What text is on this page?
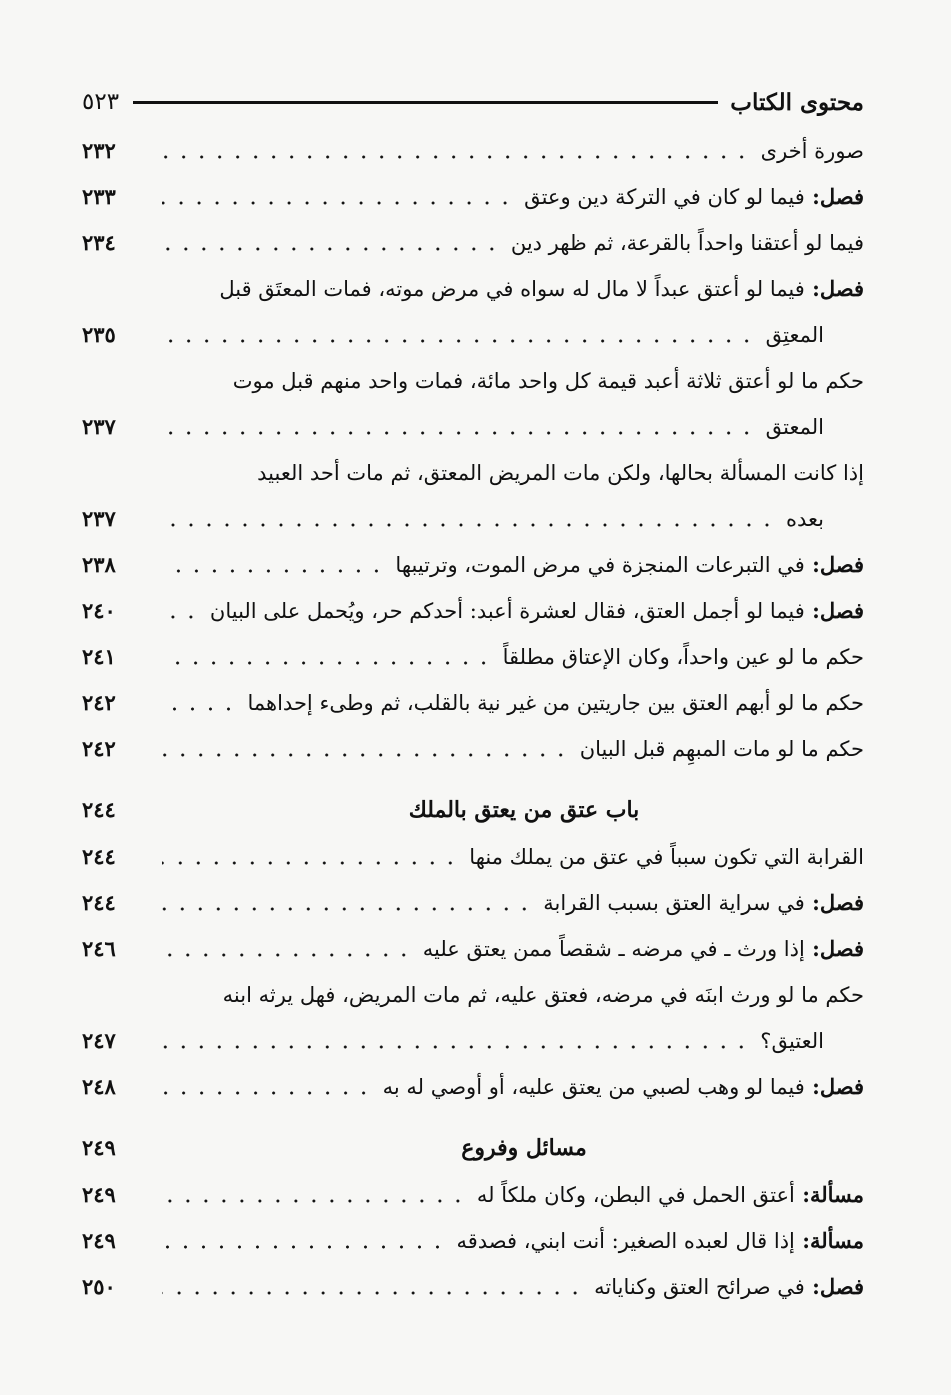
محتوى الكتاب
٥٢٣
صورة أخرى
٢٣٢
فصل: فيما لو كان في التركة دين وعتق
٢٣٣
فيما لو أعتقنا واحداً بالقرعة، ثم ظهر دين
٢٣٤
فصل: فيما لو أعتق عبداً لا مال له سواه في مرض موته، فمات المعتَق قبل
المعتِق
٢٣٥
حكم ما لو أعتق ثلاثة أعبد قيمة كل واحد مائة، فمات واحد منهم قبل موت
المعتق
٢٣٧
إذا كانت المسألة بحالها، ولكن مات المريض المعتق، ثم مات أحد العبيد
بعده
٢٣٧
فصل: في التبرعات المنجزة في مرض الموت، وترتيبها
٢٣٨
فصل: فيما لو أجمل العتق، فقال لعشرة أعبد: أحدكم حر، ويُحمل على البيان
٢٤٠
حكم ما لو عين واحداً، وكان الإعتاق مطلقاً
٢٤١
حكم ما لو أبهم العتق بين جاريتين من غير نية بالقلب، ثم وطىء إحداهما
٢٤٢
حكم ما لو مات المبهِم قبل البيان
٢٤٢
باب عتق من يعتق بالملك
٢٤٤
القرابة التي تكون سبباً في عتق من يملك منها
٢٤٤
فصل: في سراية العتق بسبب القرابة
٢٤٤
فصل: إذا ورث ـ في مرضه ـ شقصاً ممن يعتق عليه
٢٤٦
حكم ما لو ورث ابنَه في مرضه، فعتق عليه، ثم مات المريض، فهل يرثه ابنه
العتيق؟
٢٤٧
فصل: فيما لو وهب لصبي من يعتق عليه، أو أوصي له به
٢٤٨
مسائل وفروع
٢٤٩
مسألة: أعتق الحمل في البطن، وكان ملكاً له
٢٤٩
مسألة: إذا قال لعبده الصغير: أنت ابني، فصدقه
٢٤٩
فصل: في صرائح العتق وكناياته
٢٥٠
